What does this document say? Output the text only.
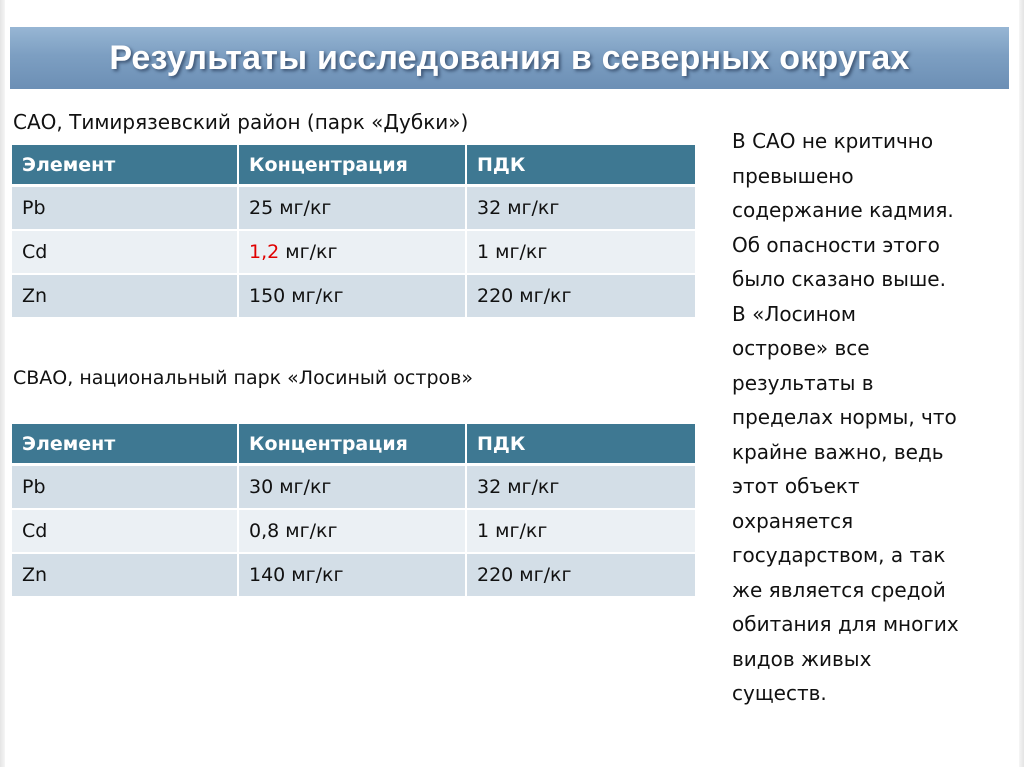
Результаты исследования в северных округах
САО, Тимирязевский район (парк «Дубки»)
Элемент	Концентрация	ПДК
Pb	25 мг/кг	32 мг/кг
Cd	1,2 мг/кг	1 мг/кг
Zn	150 мг/кг	220 мг/кг
СВАО, национальный парк «Лосиный остров»
Элемент	Концентрация	ПДК
Pb	30 мг/кг	32 мг/кг
Cd	0,8 мг/кг	1 мг/кг
Zn	140 мг/кг	220 мг/кг
В САО не критично
превышено
содержание кадмия.
Об опасности этого
было сказано выше.
В «Лосином
острове» все
результаты в
пределах нормы, что
крайне важно, ведь
этот объект
охраняется
государством, а так
же является средой
обитания для многих
видов живых
существ.
